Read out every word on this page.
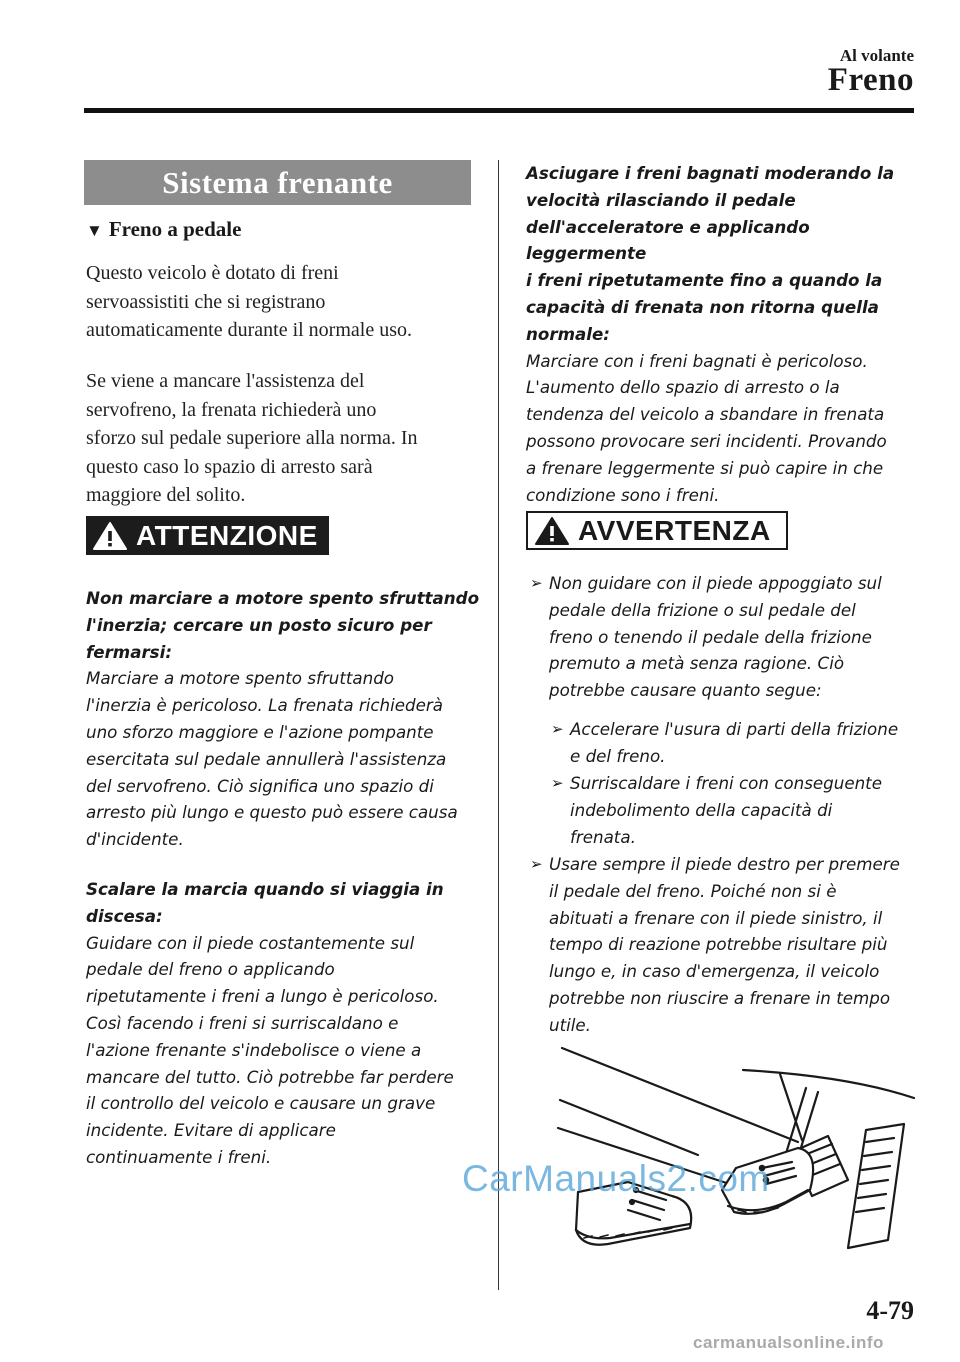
Al volante
Freno
Sistema frenante
▼ Freno a pedale
Questo veicolo è dotato di freni
servoassistiti che si registrano
automaticamente durante il normale uso.
Se viene a mancare l'assistenza del
servofreno, la frenata richiederà uno
sforzo sul pedale superiore alla norma. In
questo caso lo spazio di arresto sarà
maggiore del solito.
ATTENZIONE
Non marciare a motore spento sfruttando
l'inerzia; cercare un posto sicuro per
fermarsi:
Marciare a motore spento sfruttando
l'inerzia è pericoloso. La frenata richiederà
uno sforzo maggiore e l'azione pompante
esercitata sul pedale annullerà l'assistenza
del servofreno. Ciò significa uno spazio di
arresto più lungo e questo può essere causa
d'incidente.
Scalare la marcia quando si viaggia in
discesa:
Guidare con il piede costantemente sul
pedale del freno o applicando
ripetutamente i freni a lungo è pericoloso.
Così facendo i freni si surriscaldano e
l'azione frenante s'indebolisce o viene a
mancare del tutto. Ciò potrebbe far perdere
il controllo del veicolo e causare un grave
incidente. Evitare di applicare
continuamente i freni.
Asciugare i freni bagnati moderando la
velocità rilasciando il pedale
dell'acceleratore e applicando leggermente
i freni ripetutamente fino a quando la
capacità di frenata non ritorna quella
normale:
Marciare con i freni bagnati è pericoloso.
L'aumento dello spazio di arresto o la
tendenza del veicolo a sbandare in frenata
possono provocare seri incidenti. Provando
a frenare leggermente si può capire in che
condizione sono i freni.
AVVERTENZA
➢ Non guidare con il piede appoggiato sul
pedale della frizione o sul pedale del
freno o tenendo il pedale della frizione
premuto a metà senza ragione. Ciò
potrebbe causare quanto segue:
➢ Accelerare l'usura di parti della frizione
e del freno.
➢ Surriscaldare i freni con conseguente
indebolimento della capacità di
frenata.
➢ Usare sempre il piede destro per premere
il pedale del freno. Poiché non si è
abituati a frenare con il piede sinistro, il
tempo di reazione potrebbe risultare più
lungo e, in caso d'emergenza, il veicolo
potrebbe non riuscire a frenare in tempo
utile.
4-79
CarManuals2.com
carmanualsonline.info
